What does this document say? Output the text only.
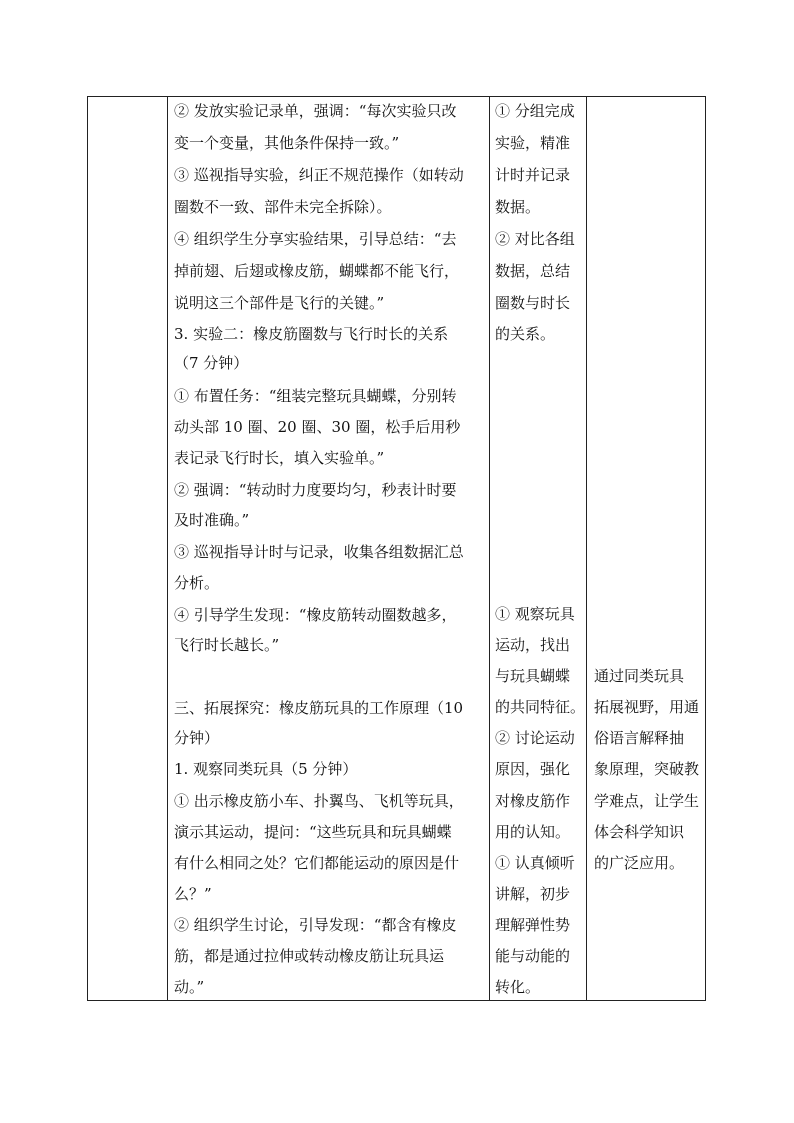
② 发放实验记录单，强调：“每次实验只改
变一个变量，其他条件保持一致。”
③ 巡视指导实验，纠正不规范操作（如转动
圈数不一致、部件未完全拆除）。
④ 组织学生分享实验结果，引导总结：“去
掉前翅、后翅或橡皮筋，蝴蝶都不能飞行，
说明这三个部件是飞行的关键。”
3. 实验二：橡皮筋圈数与飞行时长的关系
（7 分钟）
① 布置任务：“组装完整玩具蝴蝶，分别转
动头部 10 圈、20 圈、30 圈，松手后用秒
表记录飞行时长，填入实验单。”
② 强调：“转动时力度要均匀，秒表计时要
及时准确。”
③ 巡视指导计时与记录，收集各组数据汇总
分析。
④ 引导学生发现：“橡皮筋转动圈数越多，
飞行时长越长。”
三、拓展探究：橡皮筋玩具的工作原理（10
分钟）
1. 观察同类玩具（5 分钟）
① 出示橡皮筋小车、扑翼鸟、飞机等玩具，
演示其运动，提问：“这些玩具和玩具蝴蝶
有什么相同之处？它们都能运动的原因是什
么？”
② 组织学生讨论，引导发现：“都含有橡皮
筋，都是通过拉伸或转动橡皮筋让玩具运
动。”
① 分组完成
实验，精准
计时并记录
数据。
② 对比各组
数据，总结
圈数与时长
的关系。
① 观察玩具
运动，找出
与玩具蝴蝶
的共同特征。
② 讨论运动
原因，强化
对橡皮筋作
用的认知。
① 认真倾听
讲解，初步
理解弹性势
能与动能的
转化。
通过同类玩具
拓展视野，用通
俗语言解释抽
象原理，突破教
学难点，让学生
体会科学知识
的广泛应用。
